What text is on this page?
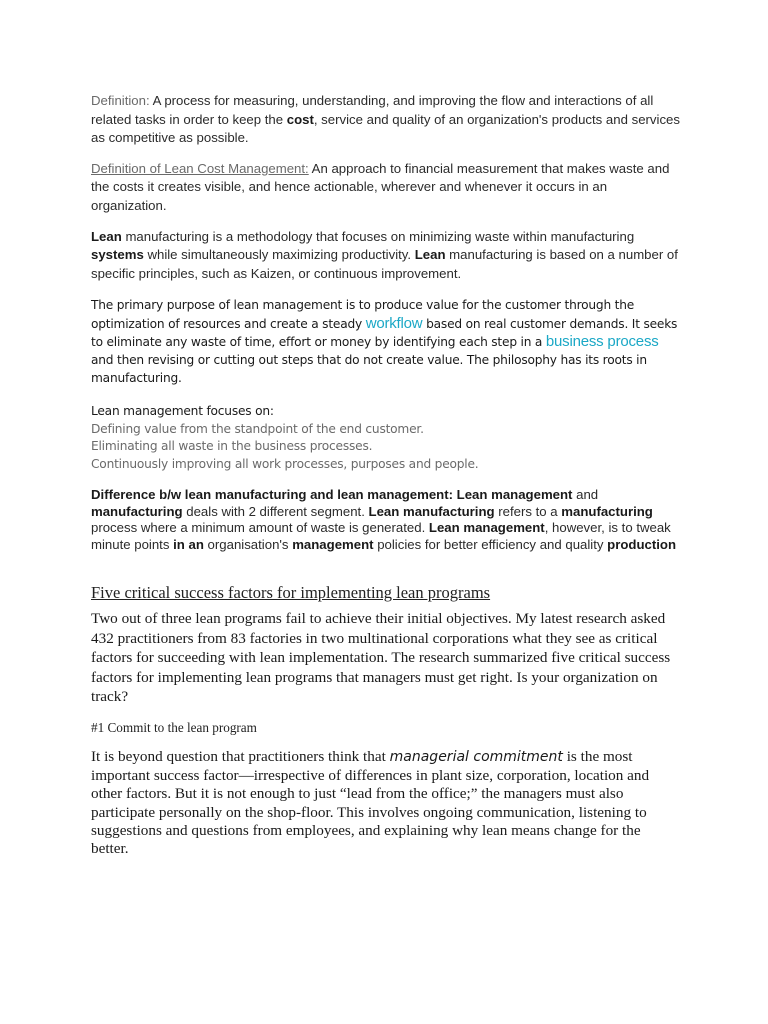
Definition: A process for measuring, understanding, and improving the flow and interactions of all related tasks in order to keep the cost, service and quality of an organization's products and services as competitive as possible.

Definition of Lean Cost Management: An approach to financial measurement that makes waste and the costs it creates visible, and hence actionable, wherever and whenever it occurs in an organization.

Lean manufacturing is a methodology that focuses on minimizing waste within manufacturing systems while simultaneously maximizing productivity. Lean manufacturing is based on a number of specific principles, such as Kaizen, or continuous improvement.

The primary purpose of lean management is to produce value for the customer through the optimization of resources and create a steady workflow based on real customer demands. It seeks to eliminate any waste of time, effort or money by identifying each step in a business process and then revising or cutting out steps that do not create value. The philosophy has its roots in manufacturing.

Lean management focuses on:
Defining value from the standpoint of the end customer.
Eliminating all waste in the business processes.
Continuously improving all work processes, purposes and people.

Difference b/w lean manufacturing and lean management: Lean management and manufacturing deals with 2 different segment. Lean manufacturing refers to a manufacturing process where a minimum amount of waste is generated. Lean management, however, is to tweak minute points in an organisation's management policies for better efficiency and quality production

Five critical success factors for implementing lean programs

Two out of three lean programs fail to achieve their initial objectives. My latest research asked 432 practitioners from 83 factories in two multinational corporations what they see as critical factors for succeeding with lean implementation. The research summarized five critical success factors for implementing lean programs that managers must get right. Is your organization on track?

#1 Commit to the lean program

It is beyond question that practitioners think that managerial commitment is the most important success factor—irrespective of differences in plant size, corporation, location and other factors. But it is not enough to just “lead from the office;” the managers must also participate personally on the shop-floor. This involves ongoing communication, listening to suggestions and questions from employees, and explaining why lean means change for the better.
